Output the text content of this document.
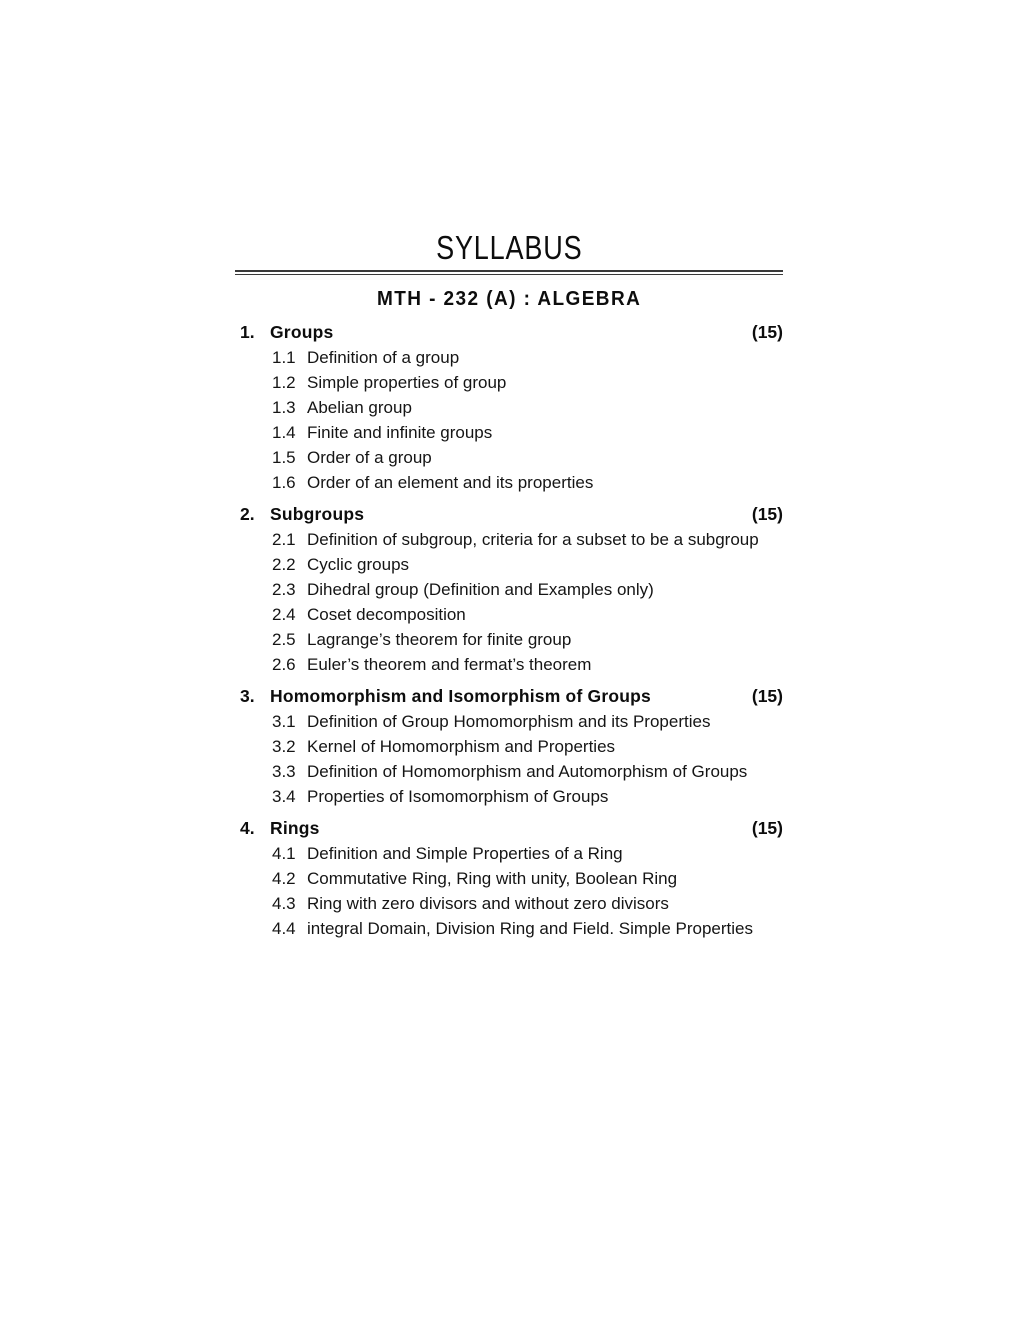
SYLLABUS
MTH - 232 (A) : ALGEBRA
1. Groups	(15)
1.1 Definition of a group
1.2 Simple properties of group
1.3 Abelian group
1.4 Finite and infinite groups
1.5 Order of a group
1.6 Order of an element and its properties
2. Subgroups	(15)
2.1 Definition of subgroup, criteria for a subset to be a subgroup
2.2 Cyclic groups
2.3 Dihedral group (Definition and Examples only)
2.4 Coset decomposition
2.5 Lagrange’s theorem for finite group
2.6 Euler’s theorem and fermat’s theorem
3. Homomorphism and Isomorphism of Groups	(15)
3.1 Definition of Group Homomorphism and its Properties
3.2 Kernel of Homomorphism and Properties
3.3 Definition of Homomorphism and Automorphism of Groups
3.4 Properties of Isomomorphism of Groups
4. Rings	(15)
4.1 Definition and Simple Properties of a Ring
4.2 Commutative Ring, Ring with unity, Boolean Ring
4.3 Ring with zero divisors and without zero divisors
4.4 integral Domain, Division Ring and Field. Simple Properties
